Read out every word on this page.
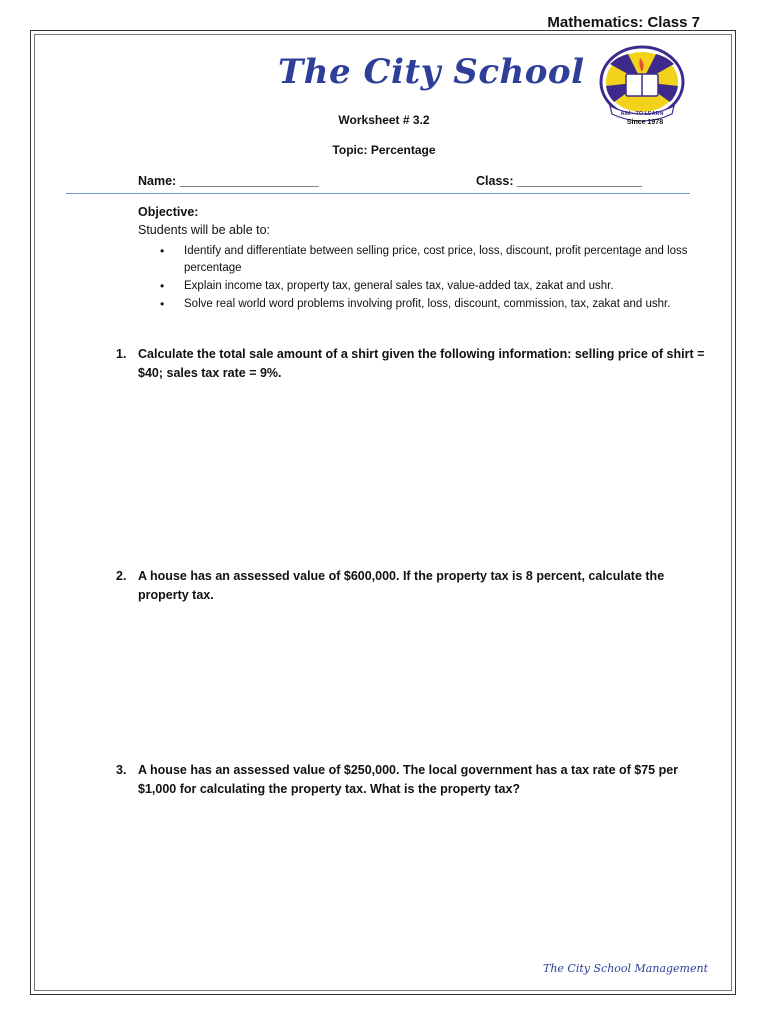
Mathematics: Class 7
The City School
AIM - TO LEARN
Since 1978
Worksheet # 3.2
Topic: Percentage
Name: ____________________	Class: __________________
Objective:
Students will be able to:
• Identify and differentiate between selling price, cost price, loss, discount, profit percentage and loss percentage
• Explain income tax, property tax, general sales tax, value-added tax, zakat and ushr.
• Solve real world word problems involving profit, loss, discount, commission, tax, zakat and ushr.
1. Calculate the total sale amount of a shirt given the following information: selling price of shirt = $40; sales tax rate = 9%.
2. A house has an assessed value of $600,000. If the property tax is 8 percent, calculate the property tax.
3. A house has an assessed value of $250,000. The local government has a tax rate of $75 per $1,000 for calculating the property tax. What is the property tax?
The City School Management
